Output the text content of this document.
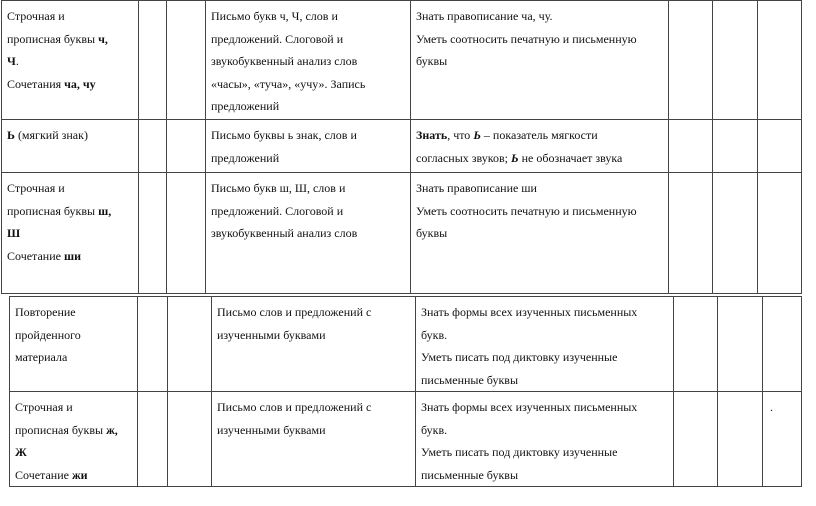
Строчная и
прописная буквы ч,
Ч.
Сочетания ча, чу			Письмо букв ч, Ч, слов и
предложений. Слоговой и
звукобуквенный анализ слов
«часы», «туча», «учу». Запись
предложений	Знать правописание ча, чу.
Уметь соотносить печатную и письменную
буквы			

Ь (мягкий знак)			Письмо буквы ь знак, слов и
предложений	Знать, что Ь – показатель мягкости
согласных звуков; Ь не обозначает звука			

Строчная и
прописная буквы ш,
Ш
Сочетание ши			Письмо букв ш, Ш, слов и
предложений. Слоговой и
звукобуквенный анализ слов	Знать правописание ши
Уметь соотносить печатную и письменную
буквы			

Повторение
пройденного
материала			Письмо слов и предложений с
изученными буквами	Знать формы всех изученных письменных
букв.
Уметь писать под диктовку изученные
письменные буквы			

Строчная и
прописная буквы ж,
Ж
Сочетание жи			Письмо слов и предложений с
изученными буквами	Знать формы всех изученных письменных
букв.
Уметь писать под диктовку изученные
письменные буквы			.
